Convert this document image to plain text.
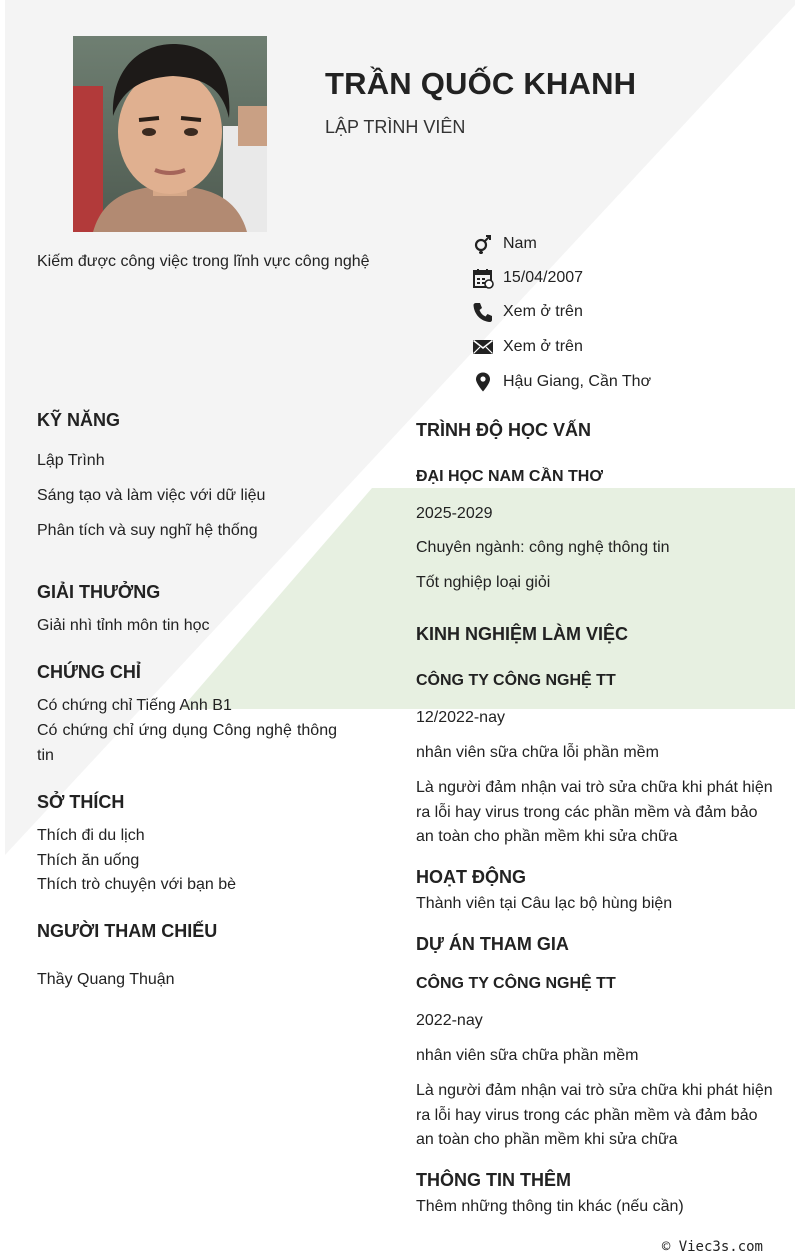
TRẦN QUỐC KHANH
LẬP TRÌNH VIÊN
Kiếm được công việc trong lĩnh vực công nghệ
Nam
15/04/2007
Xem ở trên
Xem ở trên
Hậu Giang, Cần Thơ
KỸ NĂNG
Lập Trình
Sáng tạo và làm việc với dữ liệu
Phân tích và suy nghĩ hệ thống
GIẢI THƯỞNG
Giải nhì tỉnh môn tin học
CHỨNG CHỈ
Có chứng chỉ Tiếng Anh B1
Có chứng chỉ ứng dụng Công nghệ thông tin
SỞ THÍCH
Thích đi du lịch
Thích ăn uống
Thích trò chuyện với bạn bè
NGƯỜI THAM CHIẾU
Thầy Quang Thuận
TRÌNH ĐỘ HỌC VẤN
ĐẠI HỌC NAM CẦN THƠ
2025-2029
Chuyên ngành: công nghệ thông tin
Tốt nghiệp loại giỏi
KINH NGHIỆM LÀM VIỆC
CÔNG TY CÔNG NGHỆ TT
12/2022-nay
nhân viên sữa chữa lỗi phần mềm
Là người đảm nhận vai trò sửa chữa khi phát hiện ra lỗi hay virus trong các phần mềm và đảm bảo an toàn cho phần mềm khi sửa chữa
HOẠT ĐỘNG
Thành viên tại Câu lạc bộ hùng biện
DỰ ÁN THAM GIA
CÔNG TY CÔNG NGHỆ TT
2022-nay
nhân viên sữa chữa phần mềm
Là người đảm nhận vai trò sửa chữa khi phát hiện ra lỗi hay virus trong các phần mềm và đảm bảo an toàn cho phần mềm khi sửa chữa
THÔNG TIN THÊM
Thêm những thông tin khác (nếu cần)
© Viec3s.com
